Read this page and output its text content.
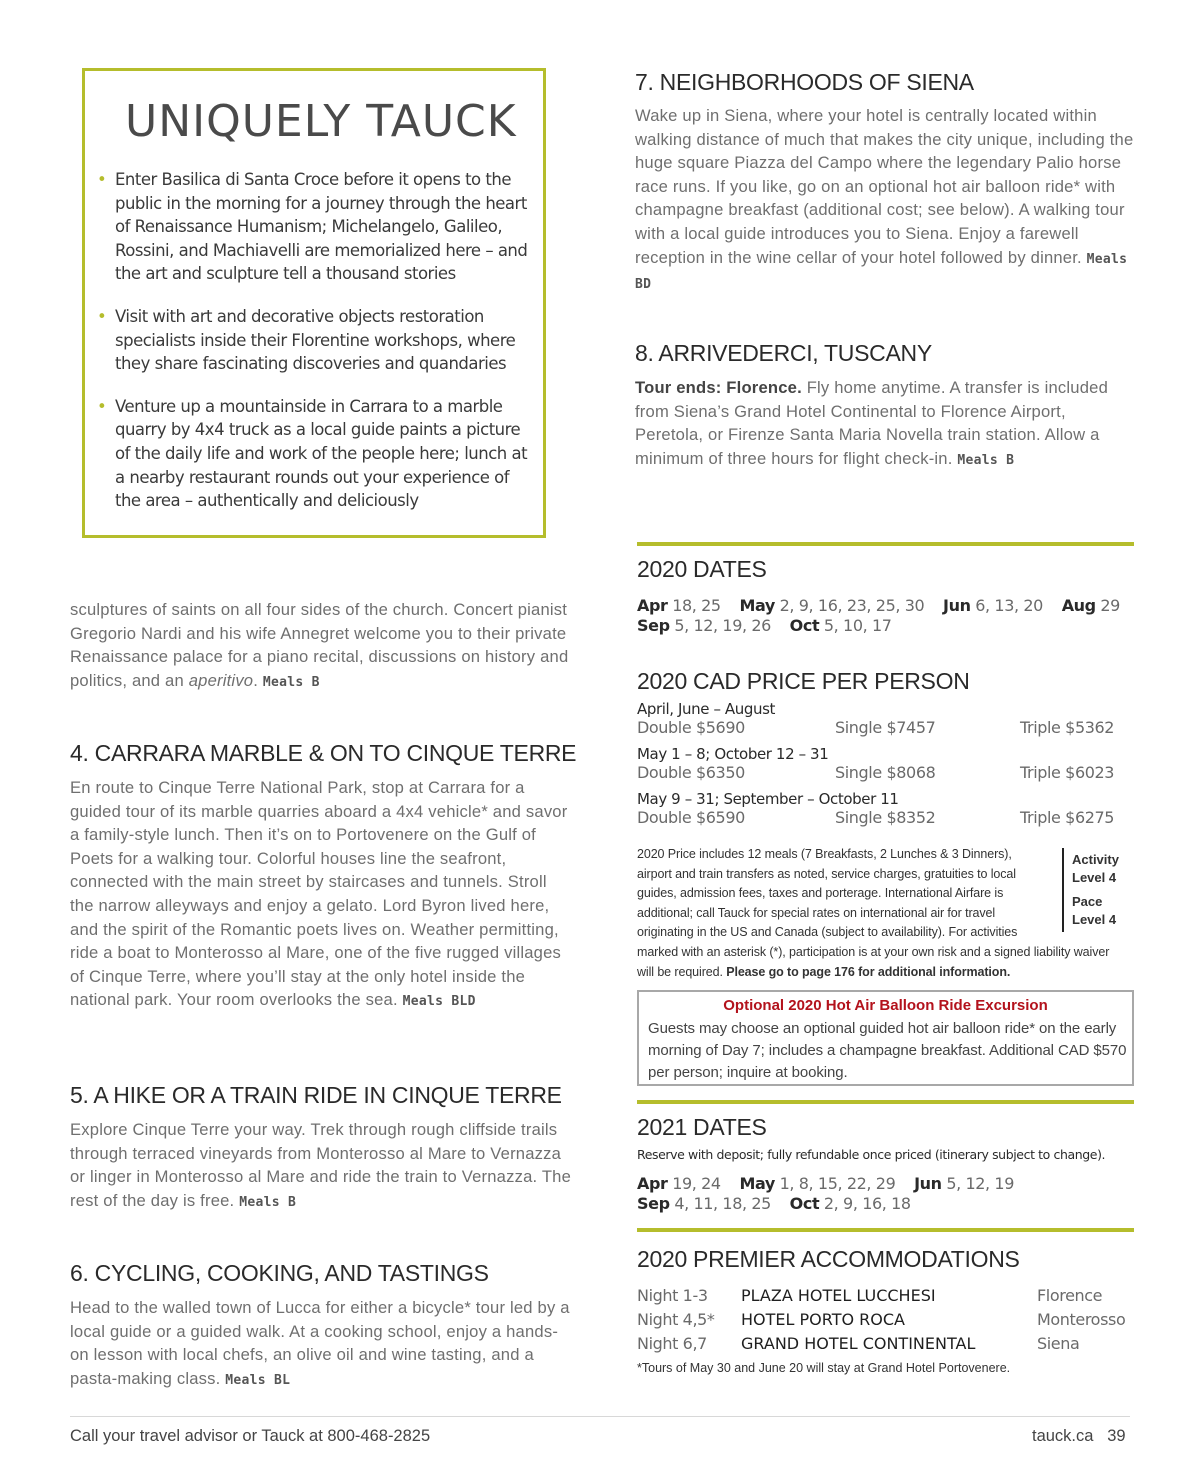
UNIQUELY TAUCK
• Enter Basilica di Santa Croce before it opens to the public in the morning for a journey through the heart of Renaissance Humanism; Michelangelo, Galileo, Rossini, and Machiavelli are memorialized here – and the art and sculpture tell a thousand stories
• Visit with art and decorative objects restoration specialists inside their Florentine workshops, where they share fascinating discoveries and quandaries
• Venture up a mountainside in Carrara to a marble quarry by 4x4 truck as a local guide paints a picture of the daily life and work of the people here; lunch at a nearby restaurant rounds out your experience of the area – authentically and deliciously

sculptures of saints on all four sides of the church. Concert pianist Gregorio Nardi and his wife Annegret welcome you to their private Renaissance palace for a piano recital, discussions on history and politics, and an aperitivo. Meals B

4. CARRARA MARBLE & ON TO CINQUE TERRE

En route to Cinque Terre National Park, stop at Carrara for a guided tour of its marble quarries aboard a 4x4 vehicle* and savor a family-style lunch. Then it’s on to Portovenere on the Gulf of Poets for a walking tour. Colorful houses line the seafront, connected with the main street by staircases and tunnels. Stroll the narrow alleyways and enjoy a gelato. Lord Byron lived here, and the spirit of the Romantic poets lives on. Weather permitting, ride a boat to Monterosso al Mare, one of the five rugged villages of Cinque Terre, where you’ll stay at the only hotel inside the national park. Your room overlooks the sea. Meals BLD

5. A HIKE OR A TRAIN RIDE IN CINQUE TERRE

Explore Cinque Terre your way. Trek through rough cliffside trails through terraced vineyards from Monterosso al Mare to Vernazza or linger in Monterosso al Mare and ride the train to Vernazza. The rest of the day is free. Meals B

6. CYCLING, COOKING, AND TASTINGS

Head to the walled town of Lucca for either a bicycle* tour led by a local guide or a guided walk. At a cooking school, enjoy a hands-on lesson with local chefs, an olive oil and wine tasting, and a pasta-making class. Meals BL

7. NEIGHBORHOODS OF SIENA

Wake up in Siena, where your hotel is centrally located within walking distance of much that makes the city unique, including the huge square Piazza del Campo where the legendary Palio horse race runs. If you like, go on an optional hot air balloon ride* with champagne breakfast (additional cost; see below). A walking tour with a local guide introduces you to Siena. Enjoy a farewell reception in the wine cellar of your hotel followed by dinner. Meals BD

8. ARRIVEDERCI, TUSCANY

Tour ends: Florence. Fly home anytime. A transfer is included from Siena’s Grand Hotel Continental to Florence Airport, Peretola, or Firenze Santa Maria Novella train station. Allow a minimum of three hours for flight check-in. Meals B

2020 DATES
Apr 18, 25 May 2, 9, 16, 23, 25, 30 Jun 6, 13, 20 Aug 29
Sep 5, 12, 19, 26 Oct 5, 10, 17
2020 CAD PRICE PER PERSON
April, June – August
Double $5690	Single $7457	Triple $5362
May 1 – 8; October 12 – 31
Double $6350	Single $8068	Triple $6023
May 9 – 31; September – October 11
Double $6590	Single $8352	Triple $6275
2020 Price includes 12 meals (7 Breakfasts, 2 Lunches & 3 Dinners),
airport and train transfers as noted, service charges, gratuities to local
guides, admission fees, taxes and porterage. International Airfare is
additional; call Tauck for special rates on international air for travel
originating in the US and Canada (subject to availability). For activities
marked with an asterisk (*), participation is at your own risk and a signed liability waiver
will be required. Please go to page 176 for additional information.
Activity
Level 4
Pace
Level 4
Optional 2020 Hot Air Balloon Ride Excursion
Guests may choose an optional guided hot air balloon ride* on the early morning of Day 7; includes a champagne breakfast. Additional CAD $570 per person; inquire at booking.
2021 DATES
Reserve with deposit; fully refundable once priced (itinerary subject to change).
Apr 19, 24 May 1, 8, 15, 22, 29 Jun 5, 12, 19
Sep 4, 11, 18, 25 Oct 2, 9, 16, 18
2020 PREMIER ACCOMMODATIONS
Night 1-3	PLAZA HOTEL LUCCHESI	Florence
Night 4,5*	HOTEL PORTO ROCA	Monterosso
Night 6,7	GRAND HOTEL CONTINENTAL	Siena
*Tours of May 30 and June 20 will stay at Grand Hotel Portovenere.
Call your travel advisor or Tauck at 800-468-2825	tauck.ca 39
